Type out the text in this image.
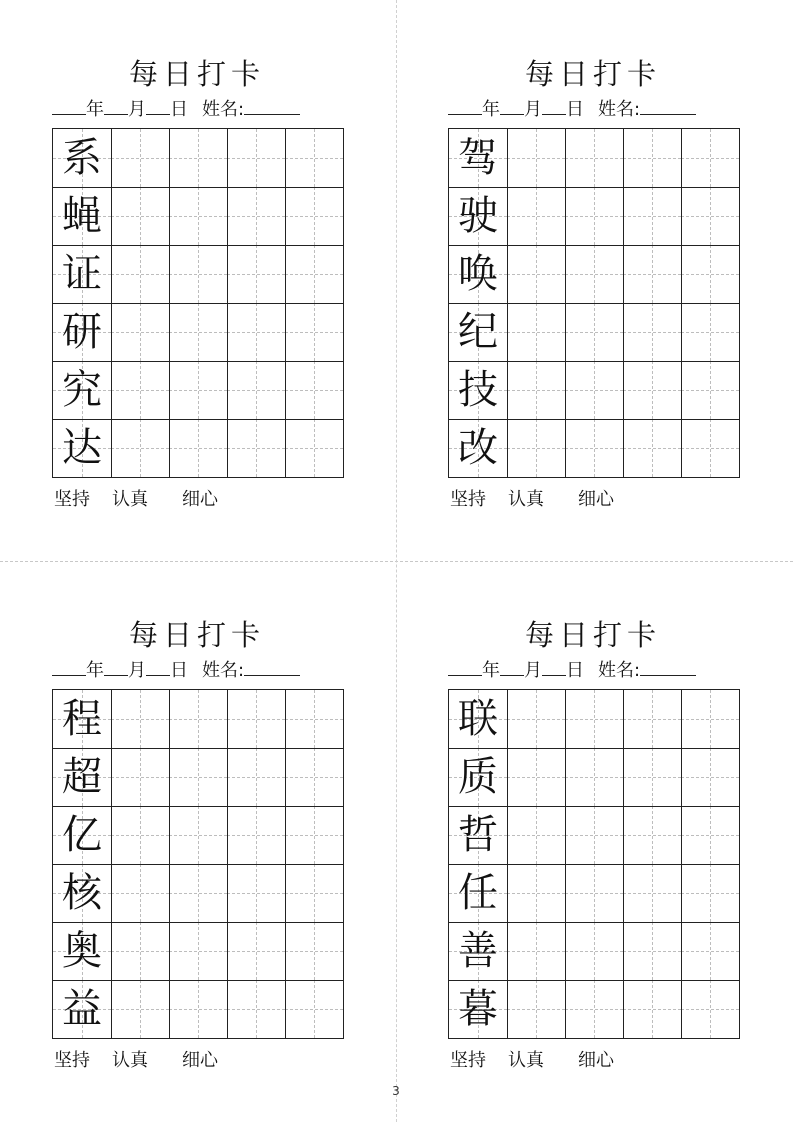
每日打卡
年 月 日 姓名:
系
蝇
证
研
究
达
坚持 认真 细心
每日打卡
年 月 日 姓名:
驾
驶
唤
纪
技
改
坚持 认真 细心
每日打卡
年 月 日 姓名:
程
超
亿
核
奥
益
坚持 认真 细心
每日打卡
年 月 日 姓名:
联
质
哲
任
善
暮
坚持 认真 细心
3
